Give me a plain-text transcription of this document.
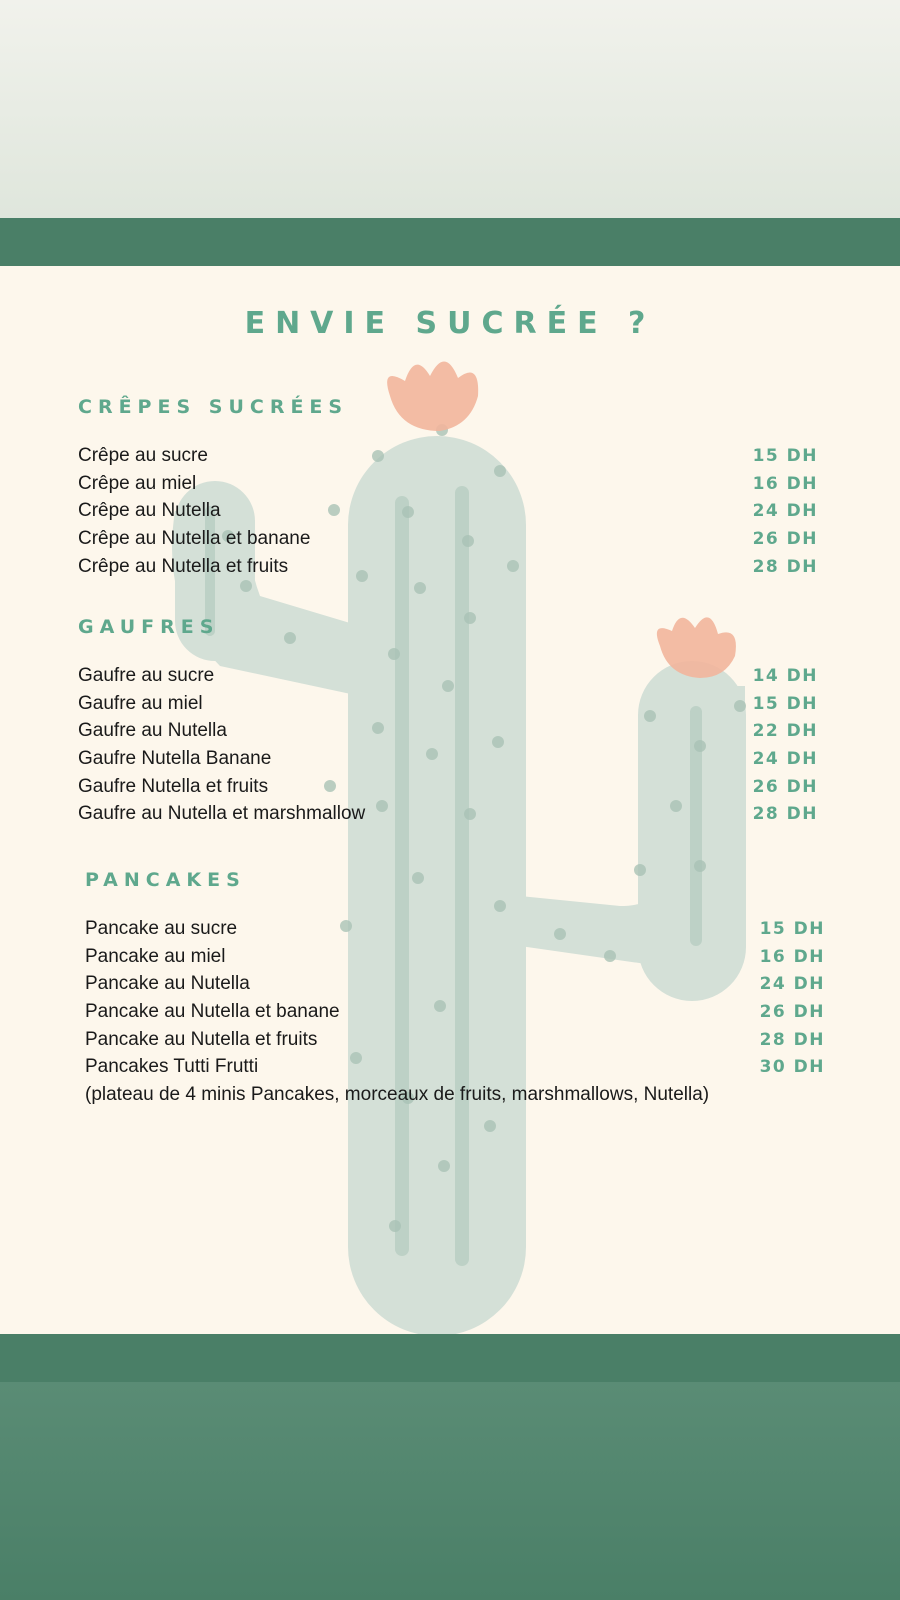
ENVIE SUCRÉE ?
CRÊPES SUCRÉES
Crêpe au sucre	15 DH
Crêpe au miel	16 DH
Crêpe au Nutella	24 DH
Crêpe au Nutella et banane	26 DH
Crêpe au Nutella et fruits	28 DH
GAUFRES
Gaufre au sucre	14 DH
Gaufre au miel	15 DH
Gaufre au Nutella	22 DH
Gaufre Nutella Banane	24 DH
Gaufre Nutella et fruits	26 DH
Gaufre au Nutella et marshmallow	28 DH
PANCAKES
Pancake au sucre	15 DH
Pancake au miel	16 DH
Pancake au Nutella	24 DH
Pancake au Nutella et banane	26 DH
Pancake au Nutella et fruits	28 DH
Pancakes Tutti Frutti	30 DH
(plateau de 4 minis Pancakes, morceaux de fruits, marshmallows, Nutella)
